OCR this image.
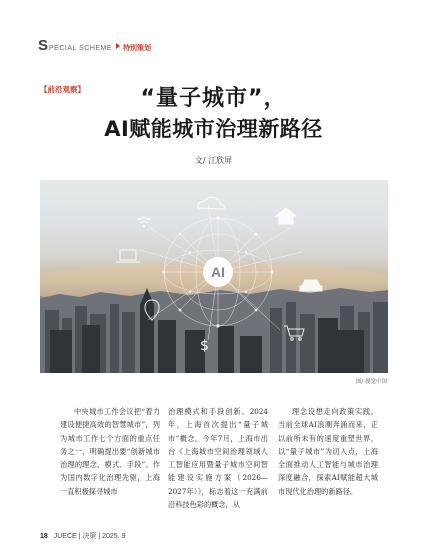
S PECIAL SCHEME 特别策划
【前沿观察】	“量子城市”，
AI赋能城市治理新路径
文/ 江欣屏
AI
$
图/ 视觉中国
中央城市工作会议把“着力建设便捷高效的智慧城市”，列为城市工作七个方面的重点任务之一，明确提出要“创新城市治理的理念、模式、手段”。作为国内数字化治理先驱，上海一直积极探寻城市
治理模式和手段创新。2024年，上海首次提出“量子城市”概念。今年7月，上海市出台《上海城市空间治理领域人工智能应用暨量子城市空间智能建设实施方案（2026—2027年）》，标志着这一充满前沿科技色彩的概念，从
理念设想走向政策实践。当前全球AI浪潮奔涌而来，正以前所未有的速度重塑世界，以“量子城市”为切入点，上海全面推动人工智能与城市治理深度融合，探索AI赋能超大城市现代化治理的新路径。
18 JUECE | 决策 | 2025. 9
